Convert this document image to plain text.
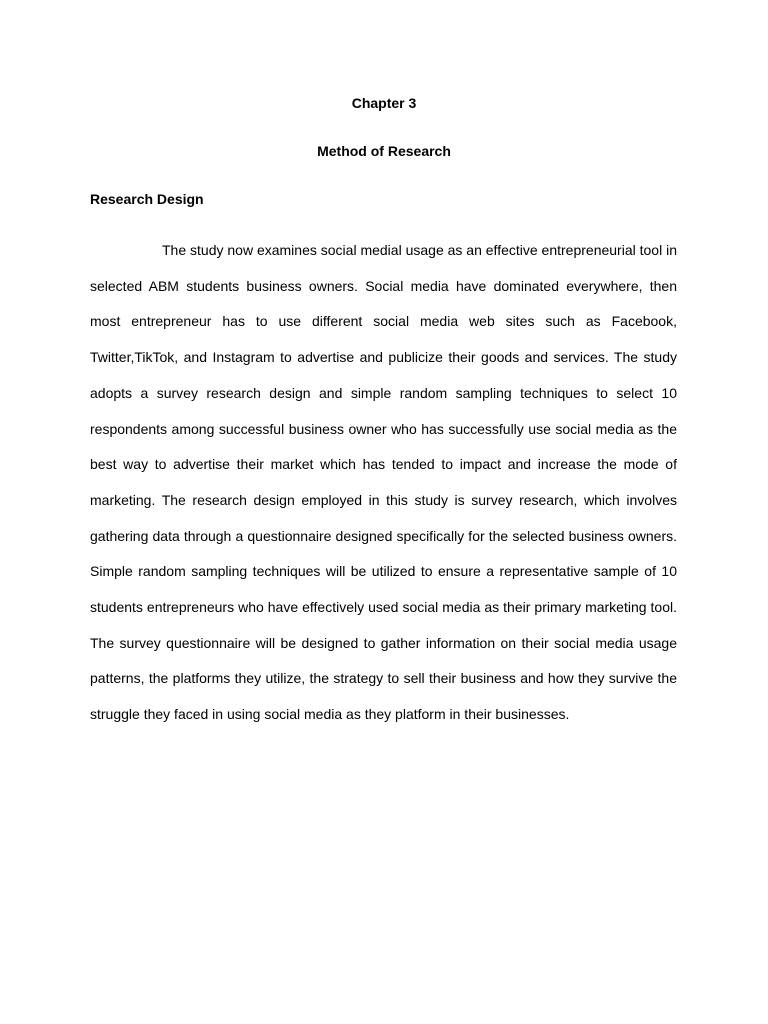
Chapter 3
Method of Research
Research Design

The study now examines social medial usage as an effective entrepreneurial tool in selected ABM students business owners. Social media have dominated everywhere, then most entrepreneur has to use different social media web sites such as Facebook, Twitter,TikTok, and Instagram to advertise and publicize their goods and services. The study adopts a survey research design and simple random sampling techniques to select 10 respondents among successful business owner who has successfully use social media as the best way to advertise their market which has tended to impact and increase the mode of marketing. The research design employed in this study is survey research, which involves gathering data through a questionnaire designed specifically for the selected business owners. Simple random sampling techniques will be utilized to ensure a representative sample of 10 students entrepreneurs who have effectively used social media as their primary marketing tool. The survey questionnaire will be designed to gather information on their social media usage patterns, the platforms they utilize, the strategy to sell their business and how they survive the struggle they faced in using social media as they platform in their businesses.
